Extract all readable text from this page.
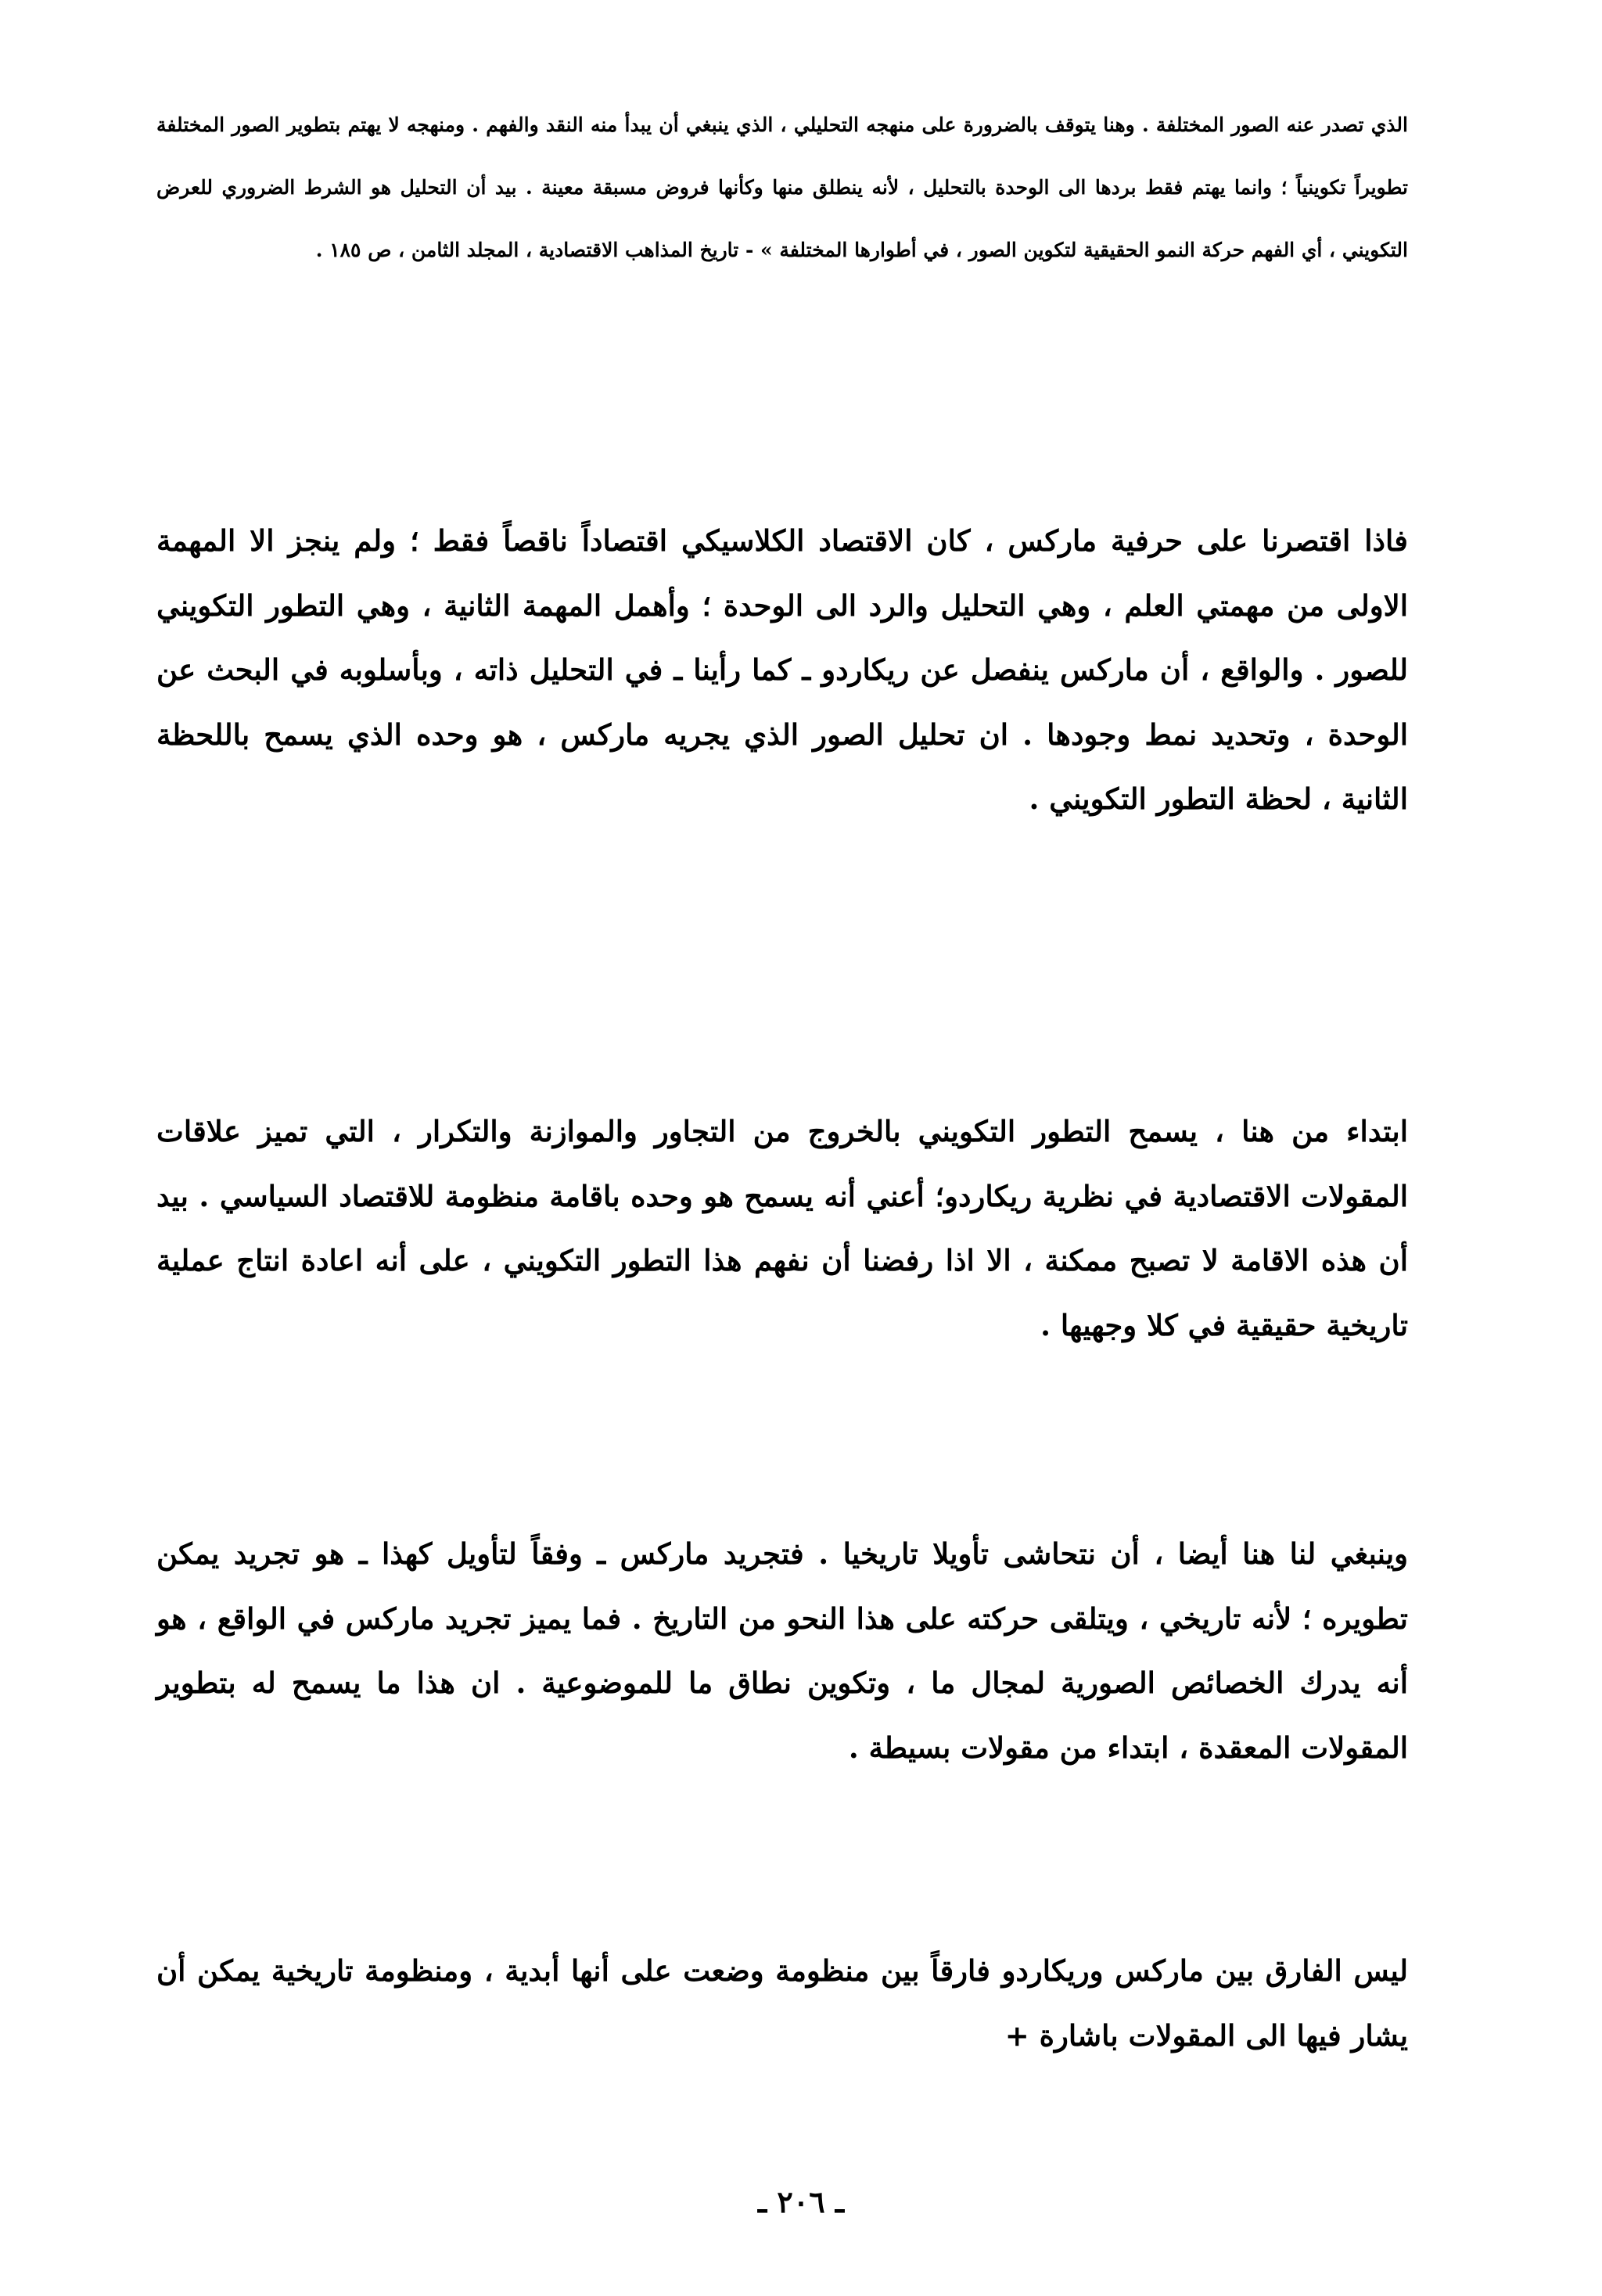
الذي تصدر عنه الصور المختلفة . وهنا يتوقف بالضرورة على منهجه التحليلي ، الذي ينبغي أن يبدأ منه النقد والفهم . ومنهجه لا يهتم بتطوير الصور المختلفة تطويراً تكوينياً ؛ وانما يهتم فقط بردها الى الوحدة بالتحليل ، لأنه ينطلق منها وكأنها فروض مسبقة معينة . بيد أن التحليل هو الشرط الضروري للعرض التكويني ، أي الفهم حركة النمو الحقيقية لتكوين الصور ، في أطوارها المختلفة » - تاريخ المذاهب الاقتصادية ، المجلد الثامن ، ص ١٨٥ .

فاذا اقتصرنا على حرفية ماركس ، كان الاقتصاد الكلاسيكي اقتصاداً ناقصاً فقط ؛ ولم ينجز الا المهمة الاولى من مهمتي العلم ، وهي التحليل والرد الى الوحدة ؛ وأهمل المهمة الثانية ، وهي التطور التكويني للصور . والواقع ، أن ماركس ينفصل عن ريكاردو ـ كما رأينا ـ في التحليل ذاته ، وبأسلوبه في البحث عن الوحدة ، وتحديد نمط وجودها . ان تحليل الصور الذي يجريه ماركس ، هو وحده الذي يسمح باللحظة الثانية ، لحظة التطور التكويني .

ابتداء من هنا ، يسمح التطور التكويني بالخروج من التجاور والموازنة والتكرار ، التي تميز علاقات المقولات الاقتصادية في نظرية ريكاردو؛ أعني أنه يسمح هو وحده باقامة منظومة للاقتصاد السياسي . بيد أن هذه الاقامة لا تصبح ممكنة ، الا اذا رفضنا أن نفهم هذا التطور التكويني ، على أنه اعادة انتاج عملية تاريخية حقيقية في كلا وجهيها .

وينبغي لنا هنا أيضا ، أن نتحاشى تأويلا تاريخيا . فتجريد ماركس ـ وفقاً لتأويل كهذا ـ هو تجريد يمكن تطويره ؛ لأنه تاريخي ، ويتلقى حركته على هذا النحو من التاريخ . فما يميز تجريد ماركس في الواقع ، هو أنه يدرك الخصائص الصورية لمجال ما ، وتكوين نطاق ما للموضوعية . ان هذا ما يسمح له بتطوير المقولات المعقدة ، ابتداء من مقولات بسيطة .

ليس الفارق بين ماركس وريكاردو فارقاً بين منظومة وضعت على أنها أبدية ، ومنظومة تاريخية يمكن أن يشار فيها الى المقولات باشارة +

ـ ٢٠٦ ـ
